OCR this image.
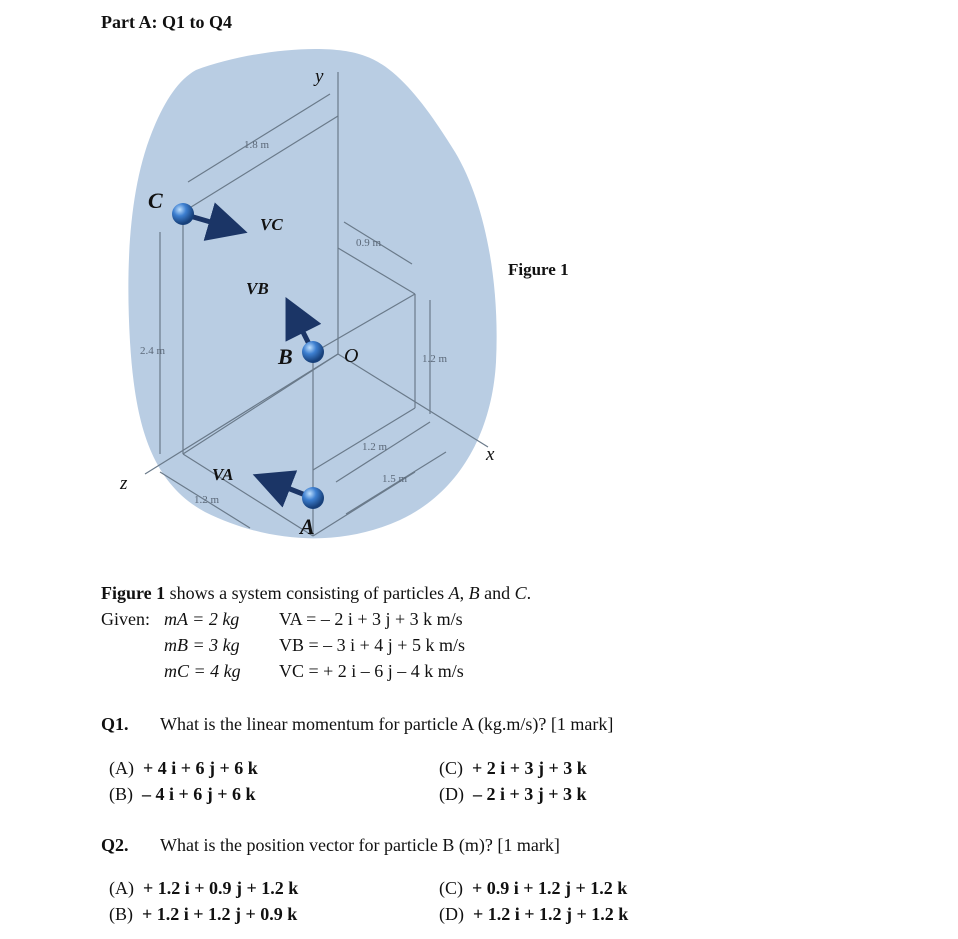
Part A: Q1 to Q4
y
x
z
C
B
A
O
VC
VB
VA
1.8 m
0.9 m
2.4 m
1.2 m
1.2 m
1.5 m
1.2 m
Figure 1
Figure 1 shows a system consisting of particles A, B and C.
Given: mA = 2 kg
mB = 3 kg
mC = 4 kg
VA = – 2 i + 3 j + 3 k m/s
VB = – 3 i + 4 j + 5 k m/s
VC = + 2 i – 6 j – 4 k m/s
Q1. What is the linear momentum for particle A (kg.m/s)? [1 mark]
(A) + 4 i + 6 j + 6 k
(B) – 4 i + 6 j + 6 k
(C) + 2 i + 3 j + 3 k
(D) – 2 i + 3 j + 3 k
Q2. What is the position vector for particle B (m)? [1 mark]
(A) + 1.2 i + 0.9 j + 1.2 k
(B) + 1.2 i + 1.2 j + 0.9 k
(C) + 0.9 i + 1.2 j + 1.2 k
(D) + 1.2 i + 1.2 j + 1.2 k
